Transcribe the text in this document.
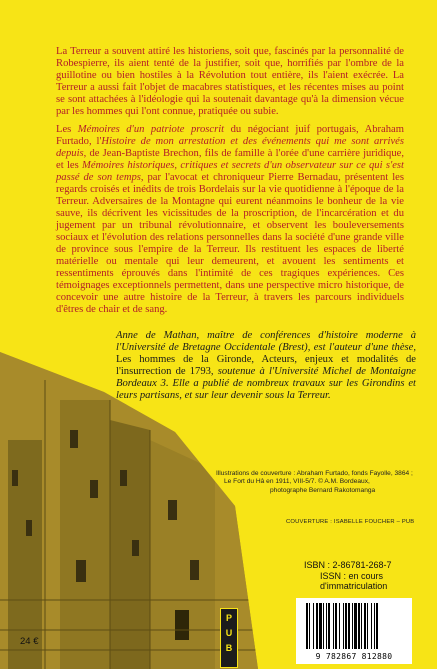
La Terreur a souvent attiré les historiens, soit que, fascinés par la personnalité de Robespierre, ils aient tenté de la justifier, soit que, horrifiés par l'ombre de la guillotine ou bien hostiles à la Révolution tout entière, ils l'aient exécrée. La Terreur a aussi fait l'objet de macabres statistiques, et les récentes mises au point se sont attachées à l'idéologie qui la soutenait davantage qu'à la dimension vécue par les hommes qui l'ont connue, pratiquée ou subie.

Les Mémoires d'un patriote proscrit du négociant juif portugais, Abraham Furtado, l'Histoire de mon arrestation et des événements qui me sont arrivés depuis, de Jean-Baptiste Brechon, fils de famille à l'orée d'une carrière juridique, et les Mémoires historiques, critiques et secrets d'un observateur sur ce qui s'est passé de son temps, par l'avocat et chroniqueur Pierre Bernadau, présentent les regards croisés et inédits de trois Bordelais sur la vie quotidienne à l'époque de la Terreur. Adversaires de la Montagne qui eurent néanmoins le bonheur de la vie sauve, ils décrivent les vicissitudes de la proscription, de l'incarcération et du jugement par un tribunal révolutionnaire, et observent les bouleversements sociaux et l'évolution des relations personnelles dans la société d'une grande ville de province sous l'empire de la Terreur. Ils restituent les espaces de liberté matérielle ou mentale qui leur demeurent, et avouent les sentiments et ressentiments éprouvés dans l'intimité de ces tragiques expériences. Ces témoignages exceptionnels permettent, dans une perspective micro historique, de concevoir une autre histoire de la Terreur, à travers les parcours individuels d'êtres de chair et de sang.

Anne de Mathan, maître de conférences d'histoire moderne à l'Université de Bretagne Occidentale (Brest), est l'auteur d'une thèse, Les hommes de la Gironde, Acteurs, enjeux et modalités de l'insurrection de 1793, soutenue à l'Université Michel de Montaigne Bordeaux 3. Elle a publié de nombreux travaux sur les Girondins et leurs partisans, et sur leur devenir sous la Terreur.
Illustrations de couverture : Abraham Furtado, fonds Fayolle, 3864 ;
Le Fort du Hâ en 1911, VIII-5/7. © A.M. Bordeaux,
photographe Bernard Rakotomanga
COUVERTURE : ISABELLE FOUCHER – PUB
ISBN : 2-86781-268-7
ISSN : en cours
d'immatriculation
9 782867 812880
P
U
B
24 €
